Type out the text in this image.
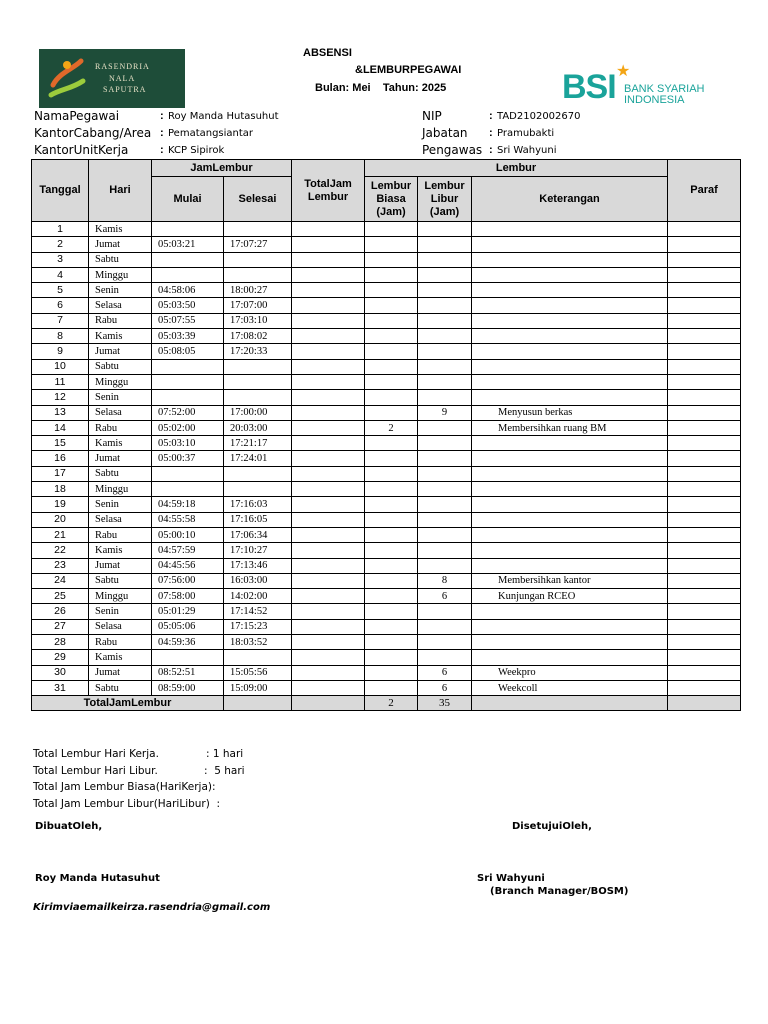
RASENDRIA
NALA
SAPUTRA	BSI ★
BANK SYARIAH
INDONESIA
ABSENSI
&LEMBURPEGAWAI
Bulan: Mei    Tahun: 2025
NamaPegawai	: Roy Manda Hutasuhut
KantorCabang/Area : Pematangsiantar
KantorUnitKerja	: KCP Sipirok
NIP	: TAD2102002670
Jabatan : Pramubakti
Pengawas : Sri Wahyuni
Tanggal	Hari	JamLembur		TotalJam Lembur	Lembur			Paraf
		Mulai	Selesai		Lembur Biasa (Jam)	Lembur Libur (Jam)	Keterangan	
1	Kamis							
2	Jumat	05:03:21	17:07:27					
3	Sabtu							
4	Minggu							
5	Senin	04:58:06	18:00:27					
6	Selasa	05:03:50	17:07:00					
7	Rabu	05:07:55	17:03:10					
8	Kamis	05:03:39	17:08:02					
9	Jumat	05:08:05	17:20:33					
10	Sabtu							
11	Minggu							
12	Senin							
13	Selasa	07:52:00	17:00:00			9	Menyusun berkas	
14	Rabu	05:02:00	20:03:00		2		Membersihkan ruang BM	
15	Kamis	05:03:10	17:21:17					
16	Jumat	05:00:37	17:24:01					
17	Sabtu							
18	Minggu							
19	Senin	04:59:18	17:16:03					
20	Selasa	04:55:58	17:16:05					
21	Rabu	05:00:10	17:06:34					
22	Kamis	04:57:59	17:10:27					
23	Jumat	04:45:56	17:13:46					
24	Sabtu	07:56:00	16:03:00			8	Membersihkan kantor	
25	Minggu	07:58:00	14:02:00			6	Kunjungan RCEO	
26	Senin	05:01:29	17:14:52					
27	Selasa	05:05:06	17:15:23					
28	Rabu	04:59:36	18:03:52					
29	Kamis							
30	Jumat	08:52:51	15:05:56			6	Weekpro	
31	Sabtu	08:59:00	15:09:00			6	Weekcoll	
TotalJamLembur					2	35		
Total Lembur Hari Kerja.	: 1 hari
Total Lembur Hari Libur.	:  5 hari
Total Jam Lembur Biasa(HariKerja):
Total Jam Lembur Libur(HariLibur)  :
DibuatOleh,	DisetujuiOleh,
Roy Manda Hutasuhut	Sri Wahyuni
(Branch Manager/BOSM)
Kirimviaemailkeirza.rasendria@gmail.com
